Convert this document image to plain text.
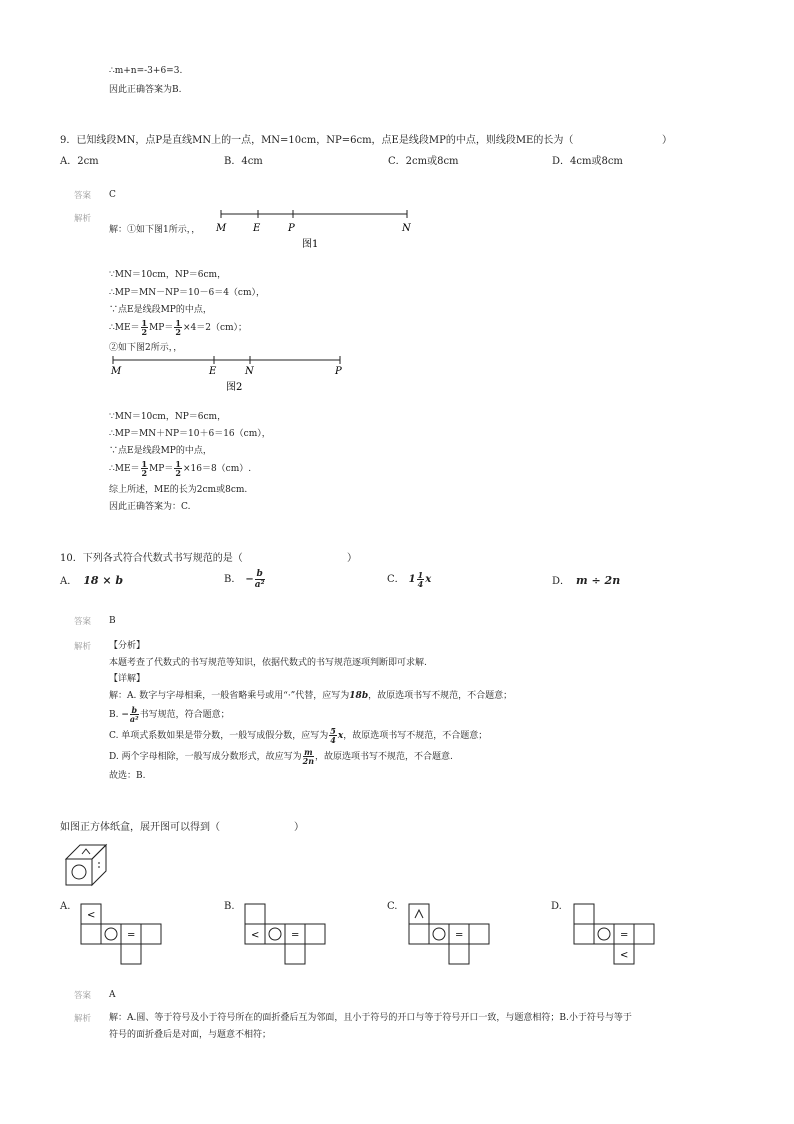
∴m+n=-3+6=3.
因此正确答案为B.
9．已知线段MN，点P是直线MN上的一点，MN=10cm，NP=6cm，点E是线段MP的中点，则线段ME的长为（	）
A．2cm	B．4cm	C．2cm或8cm	D．4cm或8cm
答案 C
解析
解：①如下图1所示，， M	E	P	N
图1
∵MN＝10cm，NP＝6cm，
∴MP＝MN－NP＝10－6＝4（cm），
∵点E是线段MP的中点，
∴ME＝ $\frac{1}{2} MP= \frac{1}{2} \times 4=2(cm)$；
②如下图2所示，，
M	E	N	P
图2
∵MN＝10cm，NP＝6cm，
∴MP＝MN＋NP＝10＋6＝16（cm），
∵点E是线段MP的中点，
∴ME＝ $\frac{1}{2} MP= \frac{1}{2} \times 16=8(cm)$.
综上所述，ME的长为2cm或8cm.
因此正确答案为：C.
10．下列各式符合代数式书写规范的是（	）
A． 18 × b	B． − $\frac{b}{\text{a²}}$	C． $1 \frac{1}{4}$ x	D． m ÷ 2n
答案 B
解析 【分析】
本题考查了代数式的书写规范等知识，依据代数式的书写规范逐项判断即可求解.
【详解】
解：A. 数字与字母相乘，一般省略乘号或用“·”代替，应写为18b，故原选项书写不规范，不合题意；
B. − $\frac{b}{\text{a²}}$ 书写规范，符合题意；
C. 单项式系数如果是带分数，一般写成假分数，应写为 $\frac{5}{4}$ x，故原选项书写不规范，不合题意；
D. 两个字母相除，一般写成分数形式，故应写为 $\frac{m}{2n}$ ，故原选项书写不规范，不合题意.
故选：B.
如图正方体纸盒，展开图可以得到（	）
A.	B.	C.	D.
<
=	<	=	=	=
<
答案 A
解析 解：A.圆、等于符号及小于符号所在的面折叠后互为邻面，且小于符号的开口与等于符号开口一致，与题意相符；B.小于符号与等于
符号的面折叠后是对面，与题意不相符；
